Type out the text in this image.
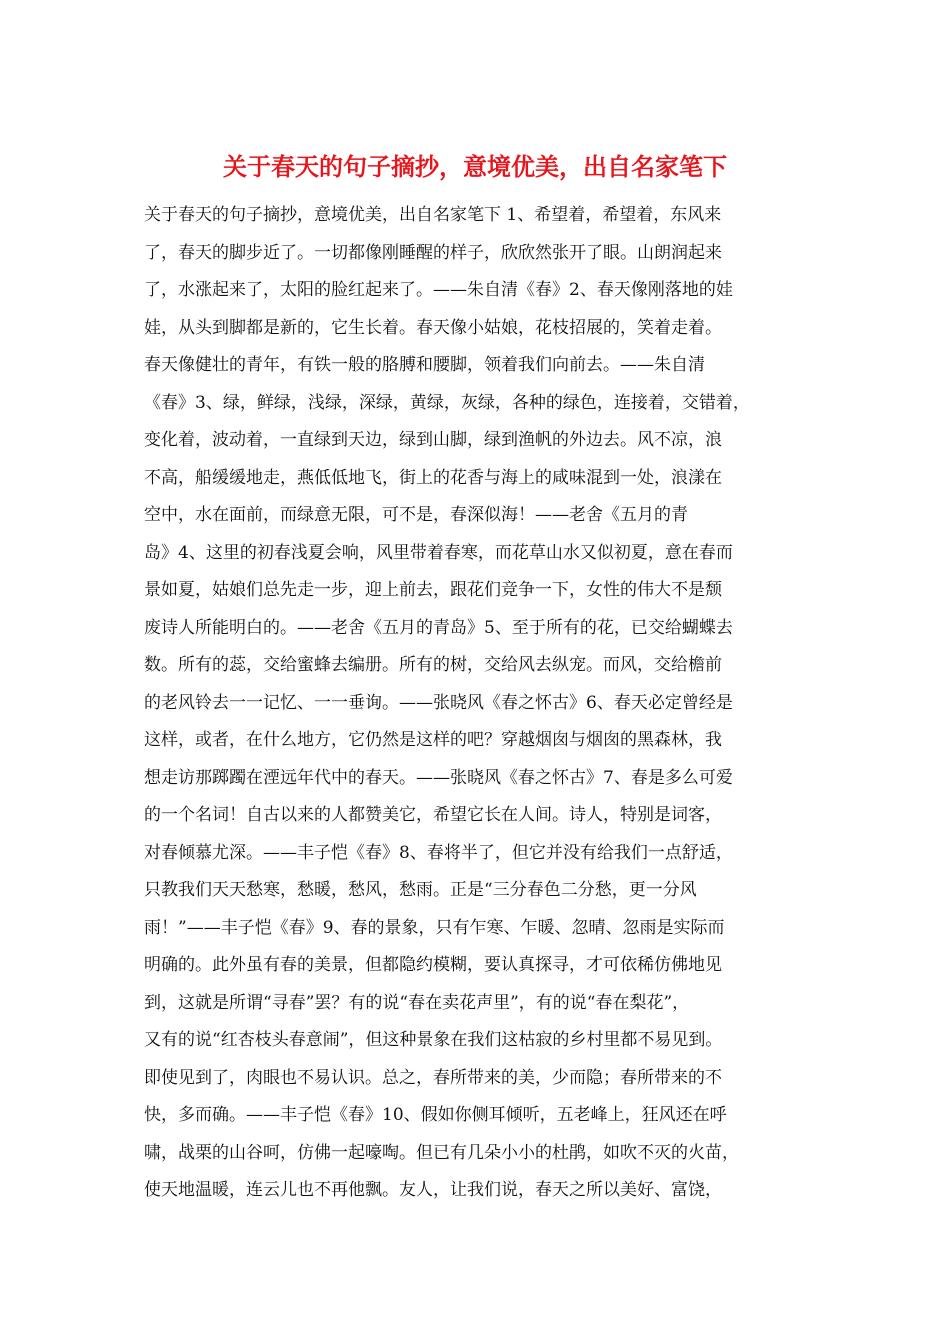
关于春天的句子摘抄，意境优美，出自名家笔下
关于春天的句子摘抄，意境优美，出自名家笔下 1、希望着，希望着，东风来
了，春天的脚步近了。一切都像刚睡醒的样子，欣欣然张开了眼。山朗润起来
了，水涨起来了，太阳的脸红起来了。——朱自清《春》2、春天像刚落地的娃
娃，从头到脚都是新的，它生长着。春天像小姑娘，花枝招展的，笑着走着。
春天像健壮的青年，有铁一般的胳膊和腰脚，领着我们向前去。——朱自清
《春》3、绿，鲜绿，浅绿，深绿，黄绿，灰绿，各种的绿色，连接着，交错着，
变化着，波动着，一直绿到天边，绿到山脚，绿到渔帆的外边去。风不凉，浪
不高，船缓缓地走，燕低低地飞，街上的花香与海上的咸味混到一处，浪漾在
空中，水在面前，而绿意无限，可不是，春深似海！——老舍《五月的青
岛》4、这里的初春浅夏会响，风里带着春寒，而花草山水又似初夏，意在春而
景如夏，姑娘们总先走一步，迎上前去，跟花们竞争一下，女性的伟大不是颓
废诗人所能明白的。——老舍《五月的青岛》5、至于所有的花，已交给蝴蝶去
数。所有的蕊，交给蜜蜂去编册。所有的树，交给风去纵宠。而风，交给檐前
的老风铃去一一记忆、一一垂询。——张晓风《春之怀古》6、春天必定曾经是
这样，或者，在什么地方，它仍然是这样的吧？穿越烟囱与烟囱的黑森林，我
想走访那踯躅在湮远年代中的春天。——张晓风《春之怀古》7、春是多么可爱
的一个名词！自古以来的人都赞美它，希望它长在人间。诗人，特别是词客，
对春倾慕尤深。——丰子恺《春》8、春将半了，但它并没有给我们一点舒适，
只教我们天天愁寒，愁暖，愁风，愁雨。正是“三分春色二分愁，更一分风
雨！”——丰子恺《春》9、春的景象，只有乍寒、乍暖、忽晴、忽雨是实际而
明确的。此外虽有春的美景，但都隐约模糊，要认真探寻，才可依稀仿佛地见
到，这就是所谓“寻春”罢？有的说“春在卖花声里”，有的说“春在梨花”，
又有的说“红杏枝头春意闹”，但这种景象在我们这枯寂的乡村里都不易见到。
即使见到了，肉眼也不易认识。总之，春所带来的美，少而隐；春所带来的不
快，多而确。——丰子恺《春》10、假如你侧耳倾听，五老峰上，狂风还在呼
啸，战栗的山谷呵，仿佛一起嚎啕。但已有几朵小小的杜鹃，如吹不灭的火苗，
使天地温暖，连云儿也不再他飘。友人，让我们说，春天之所以美好、富饶，
